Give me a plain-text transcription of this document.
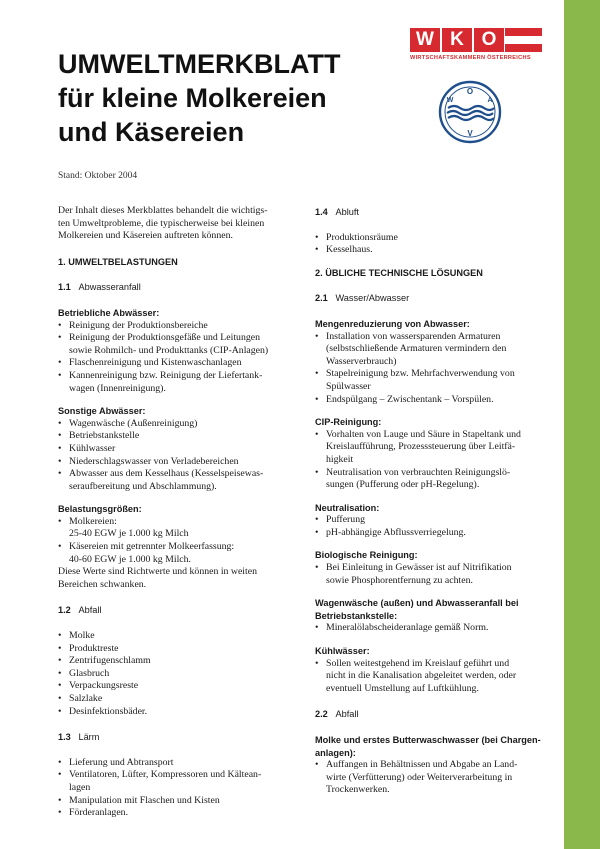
W K O
WIRTSCHAFTSKAMMERN ÖSTERREICHS
Ö
W	A
V
UMWELTMERKBLATT
für kleine Molkereien
und Käsereien
Stand: Oktober 2004

Der Inhalt dieses Merkblattes behandelt die wichtigs-
ten Umweltprobleme, die typischerweise bei kleinen
Molkereien und Käsereien auftreten können.

1. UMWELTBELASTUNGEN

1.1 Abwasseranfall

Betriebliche Abwässer:

• Reinigung der Produktionsbereiche
• Reinigung der Produktionsgefäße und Leitungen
sowie Rohmilch- und Produkttanks (CIP-Anlagen)
• Flaschenreinigung und Kistenwaschanlagen
• Kannenreinigung bzw. Reinigung der Liefertank-
wagen (Innenreinigung).

Sonstige Abwässer:

• Wagenwäsche (Außenreinigung)
• Betriebstankstelle
• Kühlwasser
• Niederschlagswasser von Verladebereichen
• Abwasser aus dem Kesselhaus (Kesselspeisewas-
seraufbereitung und Abschlammung).

Belastungsgrößen:

• Molkereien:
25-40 EGW je 1.000 kg Milch
• Käsereien mit getrennter Molkeerfassung:
40-60 EGW je 1.000 kg Milch.

Diese Werte sind Richtwerte und können in weiten
Bereichen schwanken.

1.2 Abfall

• Molke
• Produktreste
• Zentrifugenschlamm
• Glasbruch
• Verpackungsreste
• Salzlake
• Desinfektionsbäder.

1.3 Lärm

• Lieferung und Abtransport
• Ventilatoren, Lüfter, Kompressoren und Kältean-
lagen
• Manipulation mit Flaschen und Kisten
• Förderanlagen.

1.4 Abluft

• Produktionsräume
• Kesselhaus.

2. ÜBLICHE TECHNISCHE LÖSUNGEN

2.1 Wasser/Abwasser

Mengenreduzierung von Abwasser:

• Installation von wassersparenden Armaturen
(selbstschließende Armaturen vermindern den
Wasserverbrauch)
• Stapelreinigung bzw. Mehrfachverwendung von
Spülwasser
• Endspülgang – Zwischentank – Vorspülen.

CIP-Reinigung:

• Vorhalten von Lauge und Säure in Stapeltank und
Kreislaufführung, Prozesssteuerung über Leitfä-
higkeit
• Neutralisation von verbrauchten Reinigungslö-
sungen (Pufferung oder pH-Regelung).

Neutralisation:

• Pufferung
• pH-abhängige Abflussverriegelung.

Biologische Reinigung:

• Bei Einleitung in Gewässer ist auf Nitrifikation
sowie Phosphorentfernung zu achten.

Wagenwäsche (außen) und Abwasseranfall bei
Betriebstankstelle:

• Mineralölabscheideranlage gemäß Norm.

Kühlwässer:

• Sollen weitestgehend im Kreislauf geführt und
nicht in die Kanalisation abgeleitet werden, oder
eventuell Umstellung auf Luftkühlung.

2.2 Abfall

Molke und erstes Butterwaschwasser (bei Chargen-
anlagen):

• Auffangen in Behältnissen und Abgabe an Land-
wirte (Verfütterung) oder Weiterverarbeitung in
Trockenwerken.
